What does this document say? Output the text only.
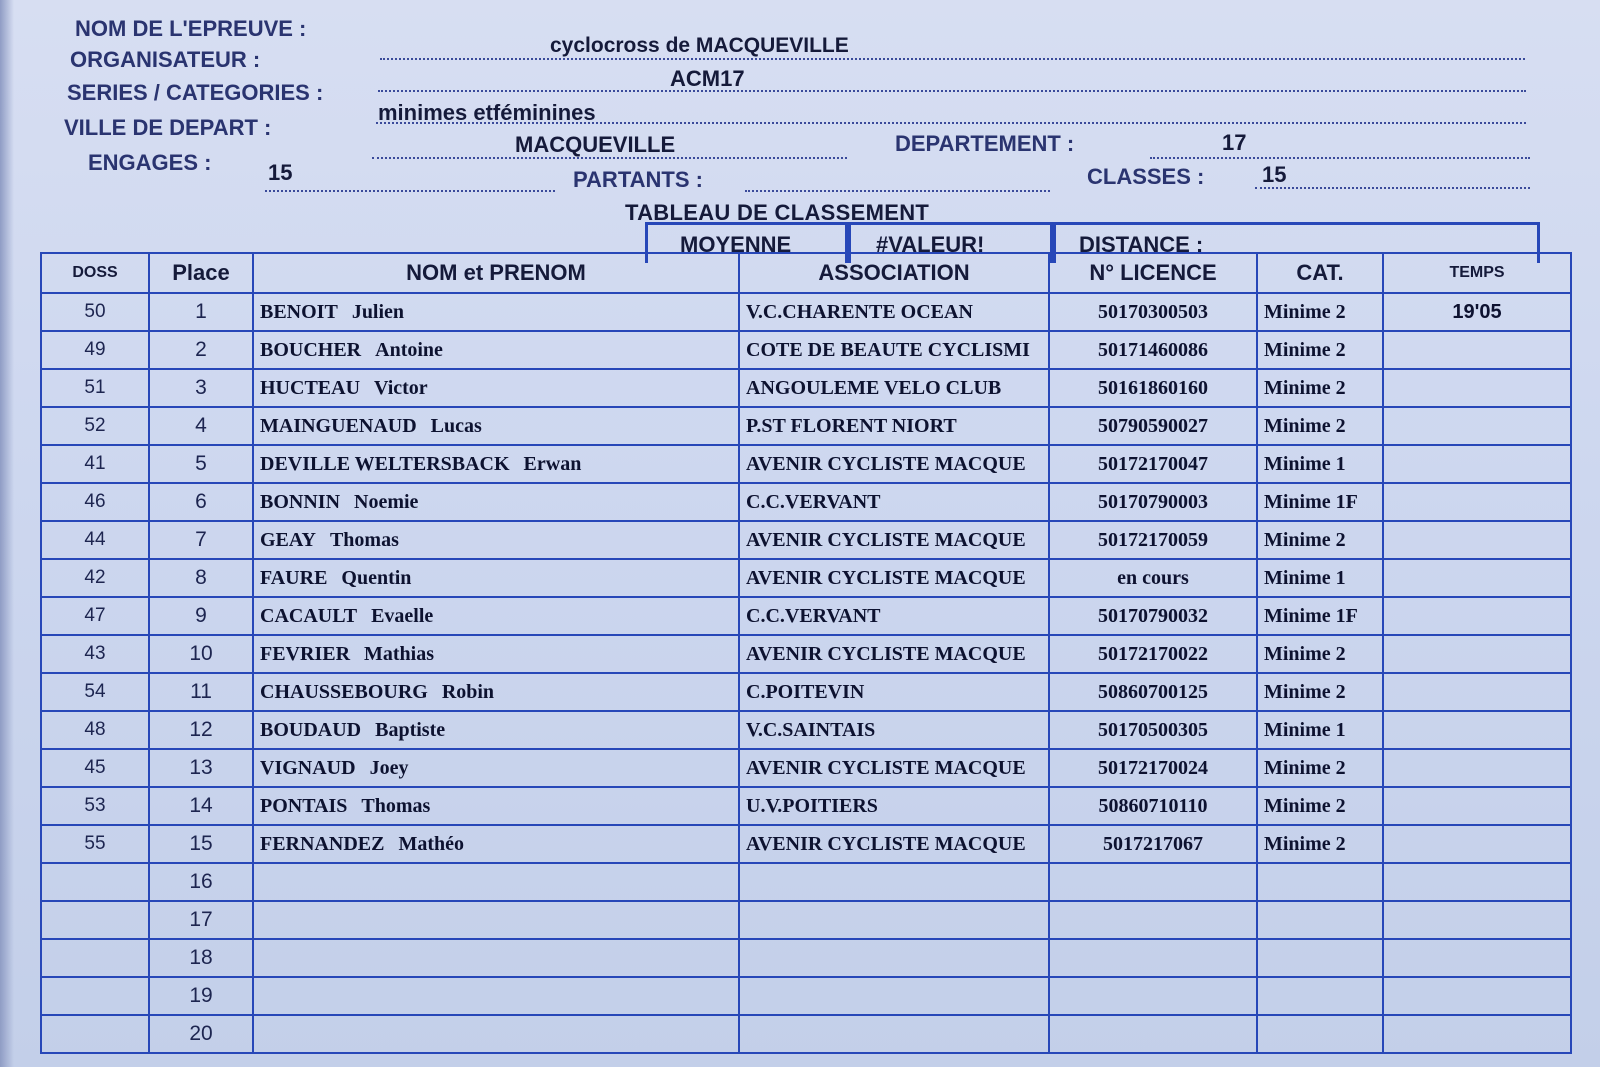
NOM DE L'EPREUVE :
cyclocross de MACQUEVILLE
ORGANISATEUR :
ACM17
SERIES / CATEGORIES :
minimes etféminines
VILLE DE DEPART :
MACQUEVILLE	DEPARTEMENT :	17
ENGAGES :	15	PARTANTS :	CLASSES :	15
TABLEAU DE CLASSEMENT
MOYENNE	#VALEUR!	DISTANCE :
DOSS	Place	NOM et PRENOM	ASSOCIATION	N° LICENCE	CAT.	TEMPS
50	1	BENOIT Julien	V.C.CHARENTE OCEAN	50170300503	Minime 2	19'05
49	2	BOUCHER Antoine	COTE DE BEAUTE CYCLISMI	50171460086	Minime 2	
51	3	HUCTEAU Victor	ANGOULEME VELO CLUB	50161860160	Minime 2	
52	4	MAINGUENAUD Lucas	P.ST FLORENT NIORT	50790590027	Minime 2	
41	5	DEVILLE WELTERSBACK Erwan	AVENIR CYCLISTE MACQUE	50172170047	Minime 1	
46	6	BONNIN Noemie	C.C.VERVANT	50170790003	Minime 1F	
44	7	GEAY Thomas	AVENIR CYCLISTE MACQUE	50172170059	Minime 2	
42	8	FAURE Quentin	AVENIR CYCLISTE MACQUE	en cours	Minime 1	
47	9	CACAULT Evaelle	C.C.VERVANT	50170790032	Minime 1F	
43	10	FEVRIER Mathias	AVENIR CYCLISTE MACQUE	50172170022	Minime 2	
54	11	CHAUSSEBOURG Robin	C.POITEVIN	50860700125	Minime 2	
48	12	BOUDAUD Baptiste	V.C.SAINTAIS	50170500305	Minime 1	
45	13	VIGNAUD Joey	AVENIR CYCLISTE MACQUE	50172170024	Minime 2	
53	14	PONTAIS Thomas	U.V.POITIERS	50860710110	Minime 2	
55	15	FERNANDEZ Mathéo	AVENIR CYCLISTE MACQUE	5017217067	Minime 2	
	16					
	17					
	18					
	19					
	20					
